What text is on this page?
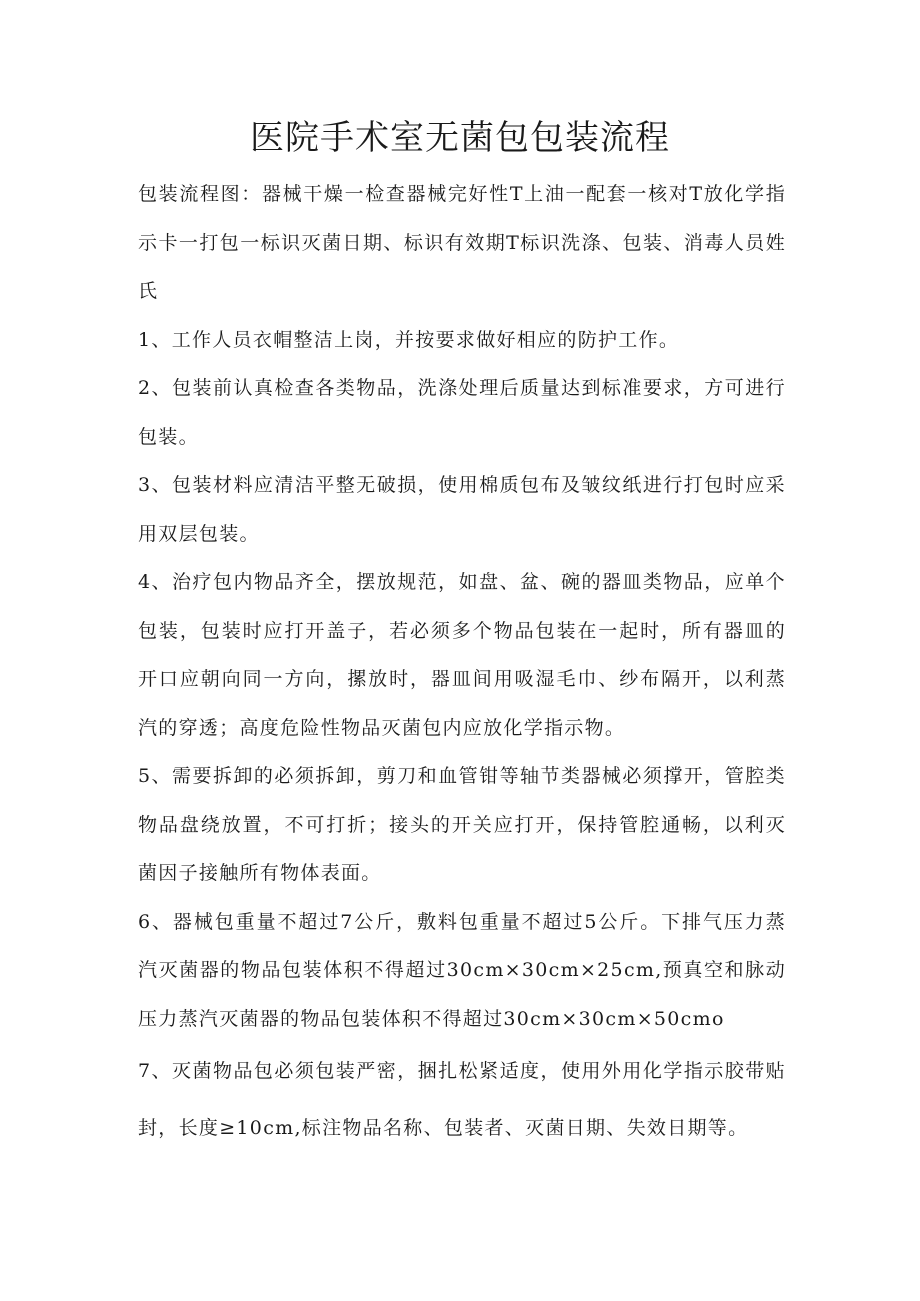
医院手术室无菌包包装流程

包装流程图：器械干燥一检查器械完好性T上油一配套一核对T放化学指示卡一打包一标识灭菌日期、标识有效期T标识洗涤、包装、消毒人员姓氏

1、工作人员衣帽整洁上岗，并按要求做好相应的防护工作。

2、包装前认真检查各类物品，洗涤处理后质量达到标准要求，方可进行包装。

3、包装材料应清洁平整无破损，使用棉质包布及皱纹纸进行打包时应采用双层包装。

4、治疗包内物品齐全，摆放规范，如盘、盆、碗的器皿类物品，应单个包装，包装时应打开盖子，若必须多个物品包装在一起时，所有器皿的开口应朝向同一方向，摞放时，器皿间用吸湿毛巾、纱布隔开，以利蒸汽的穿透；高度危险性物品灭菌包内应放化学指示物。

5、需要拆卸的必须拆卸，剪刀和血管钳等轴节类器械必须撑开，管腔类物品盘绕放置，不可打折；接头的开关应打开，保持管腔通畅，以利灭菌因子接触所有物体表面。

6、器械包重量不超过7公斤，敷料包重量不超过5公斤。下排气压力蒸汽灭菌器的物品包装体积不得超过30cm×30cm×25cm,预真空和脉动压力蒸汽灭菌器的物品包装体积不得超过30cm×30cm×50cmo

7、灭菌物品包必须包装严密，捆扎松紧适度，使用外用化学指示胶带贴封，长度≥10cm,标注物品名称、包装者、灭菌日期、失效日期等。
